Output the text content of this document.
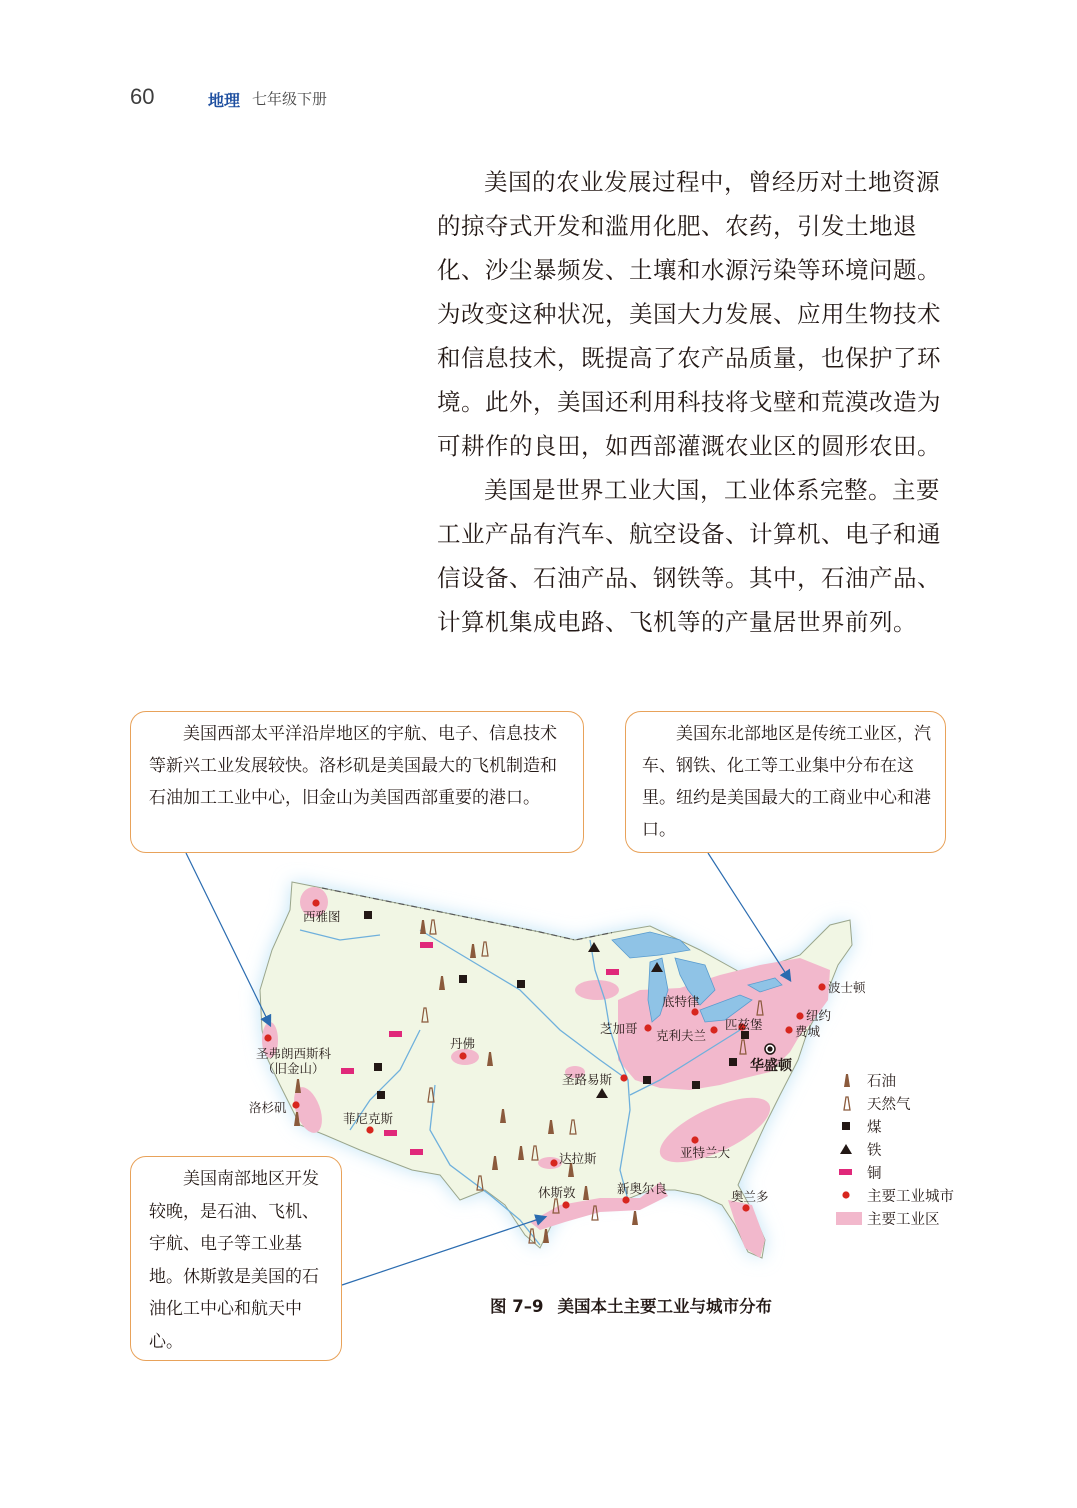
60	地理 七年级下册

美国的农业发展过程中，曾经历对土地资源的掠夺式开发和滥用化肥、农药，引发土地退化、沙尘暴频发、土壤和水源污染等环境问题。为改变这种状况，美国大力发展、应用生物技术和信息技术，既提高了农产品质量，也保护了环境。此外，美国还利用科技将戈壁和荒漠改造为可耕作的良田，如西部灌溉农业区的圆形农田。

美国是世界工业大国，工业体系完整。主要工业产品有汽车、航空设备、计算机、电子和通信设备、石油产品、钢铁等。其中，石油产品、计算机集成电路、飞机等的产量居世界前列。

西雅图
圣弗朗西斯科
（旧金山）
洛杉矶
菲尼克斯
丹佛
芝加哥
底特律
克利夫兰
匹兹堡
圣路易斯
达拉斯
休斯敦	新奥尔良
亚特兰大
奥兰多
波士顿
纽约
费城
华盛顿

美国西部太平洋沿岸地区的宇航、电子、信息技术等新兴工业发展较快。洛杉矶是美国最大的飞机制造和石油加工工业中心，旧金山为美国西部重要的港口。

美国东北部地区是传统工业区，汽车、钢铁、化工等工业集中分布在这里。纽约是美国最大的工商业中心和港口。

美国南部地区开发较晚，是石油、飞机、宇航、电子等工业基地。休斯敦是美国的石油化工中心和航天中心。

石油
天然气
煤
铁
铜
主要工业城市
主要工业区
图 7–9 美国本土主要工业与城市分布
